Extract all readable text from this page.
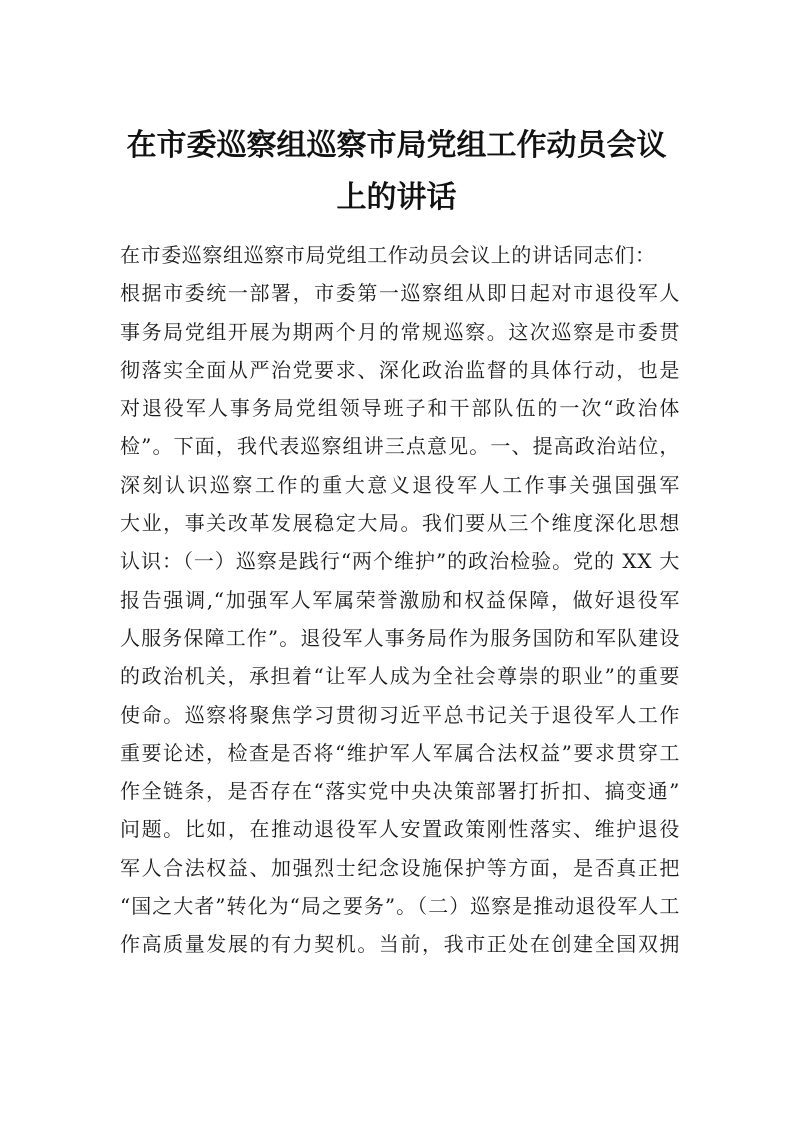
在市委巡察组巡察市局党组工作动员会议
上的讲话
在市委巡察组巡察市局党组工作动员会议上的讲话同志们：
根据市委统一部署，市委第一巡察组从即日起对市退役军人
事务局党组开展为期两个月的常规巡察。这次巡察是市委贯
彻落实全面从严治党要求、深化政治监督的具体行动，也是
对退役军人事务局党组领导班子和干部队伍的一次“政治体
检”。下面，我代表巡察组讲三点意见。一、提高政治站位，
深刻认识巡察工作的重大意义退役军人工作事关强国强军
大业，事关改革发展稳定大局。我们要从三个维度深化思想
认识：（一）巡察是践行“两个维护”的政治检验。党的 XX 大
报告强调,“加强军人军属荣誉激励和权益保障，做好退役军
人服务保障工作”。退役军人事务局作为服务国防和军队建设
的政治机关，承担着“让军人成为全社会尊崇的职业”的重要
使命。巡察将聚焦学习贯彻习近平总书记关于退役军人工作
重要论述，检查是否将“维护军人军属合法权益”要求贯穿工
作全链条，是否存在“落实党中央决策部署打折扣、搞变通”
问题。比如，在推动退役军人安置政策刚性落实、维护退役
军人合法权益、加强烈士纪念设施保护等方面，是否真正把
“国之大者”转化为“局之要务”。（二）巡察是推动退役军人工
作高质量发展的有力契机。当前，我市正处在创建全国双拥
